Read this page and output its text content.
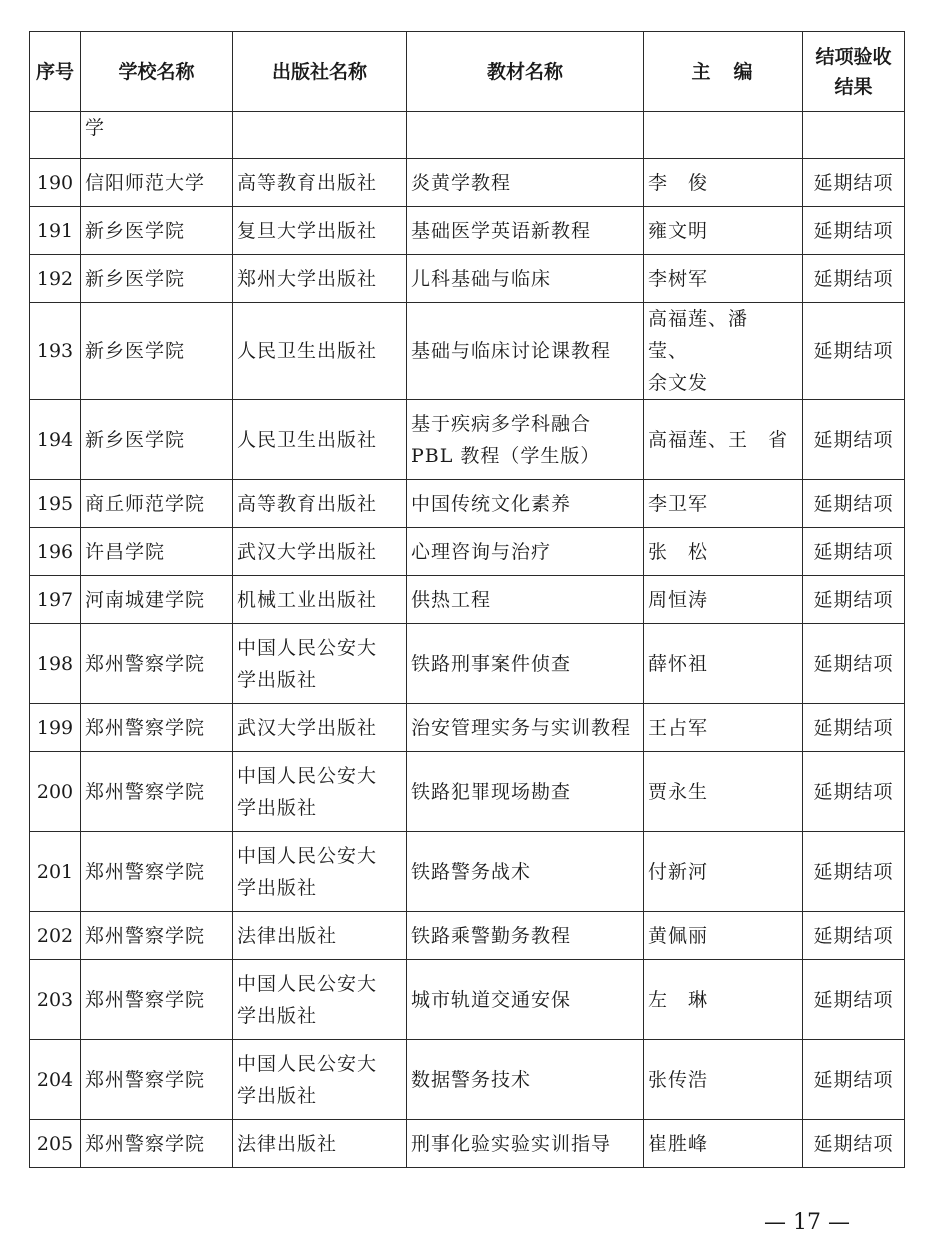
序号	学校名称	出版社名称	教材名称	主　编	结项验收
结果
	学				
190	信阳师范大学	高等教育出版社	炎黄学教程	李　俊	延期结项
191	新乡医学院	复旦大学出版社	基础医学英语新教程	雍文明	延期结项
192	新乡医学院	郑州大学出版社	儿科基础与临床	李树军	延期结项
193	新乡医学院	人民卫生出版社	基础与临床讨论课教程	高福莲、潘　莹、
余文发	延期结项
194	新乡医学院	人民卫生出版社	基于疾病多学科融合
PBL 教程（学生版）	高福莲、王　省	延期结项
195	商丘师范学院	高等教育出版社	中国传统文化素养	李卫军	延期结项
196	许昌学院	武汉大学出版社	心理咨询与治疗	张　松	延期结项
197	河南城建学院	机械工业出版社	供热工程	周恒涛	延期结项
198	郑州警察学院	中国人民公安大
学出版社	铁路刑事案件侦查	薛怀祖	延期结项
199	郑州警察学院	武汉大学出版社	治安管理实务与实训教程	王占军	延期结项
200	郑州警察学院	中国人民公安大
学出版社	铁路犯罪现场勘查	贾永生	延期结项
201	郑州警察学院	中国人民公安大
学出版社	铁路警务战术	付新河	延期结项
202	郑州警察学院	法律出版社	铁路乘警勤务教程	黄佩丽	延期结项
203	郑州警察学院	中国人民公安大
学出版社	城市轨道交通安保	左　琳	延期结项
204	郑州警察学院	中国人民公安大
学出版社	数据警务技术	张传浩	延期结项
205	郑州警察学院	法律出版社	刑事化验实验实训指导	崔胜峰	延期结项
— 17 —
